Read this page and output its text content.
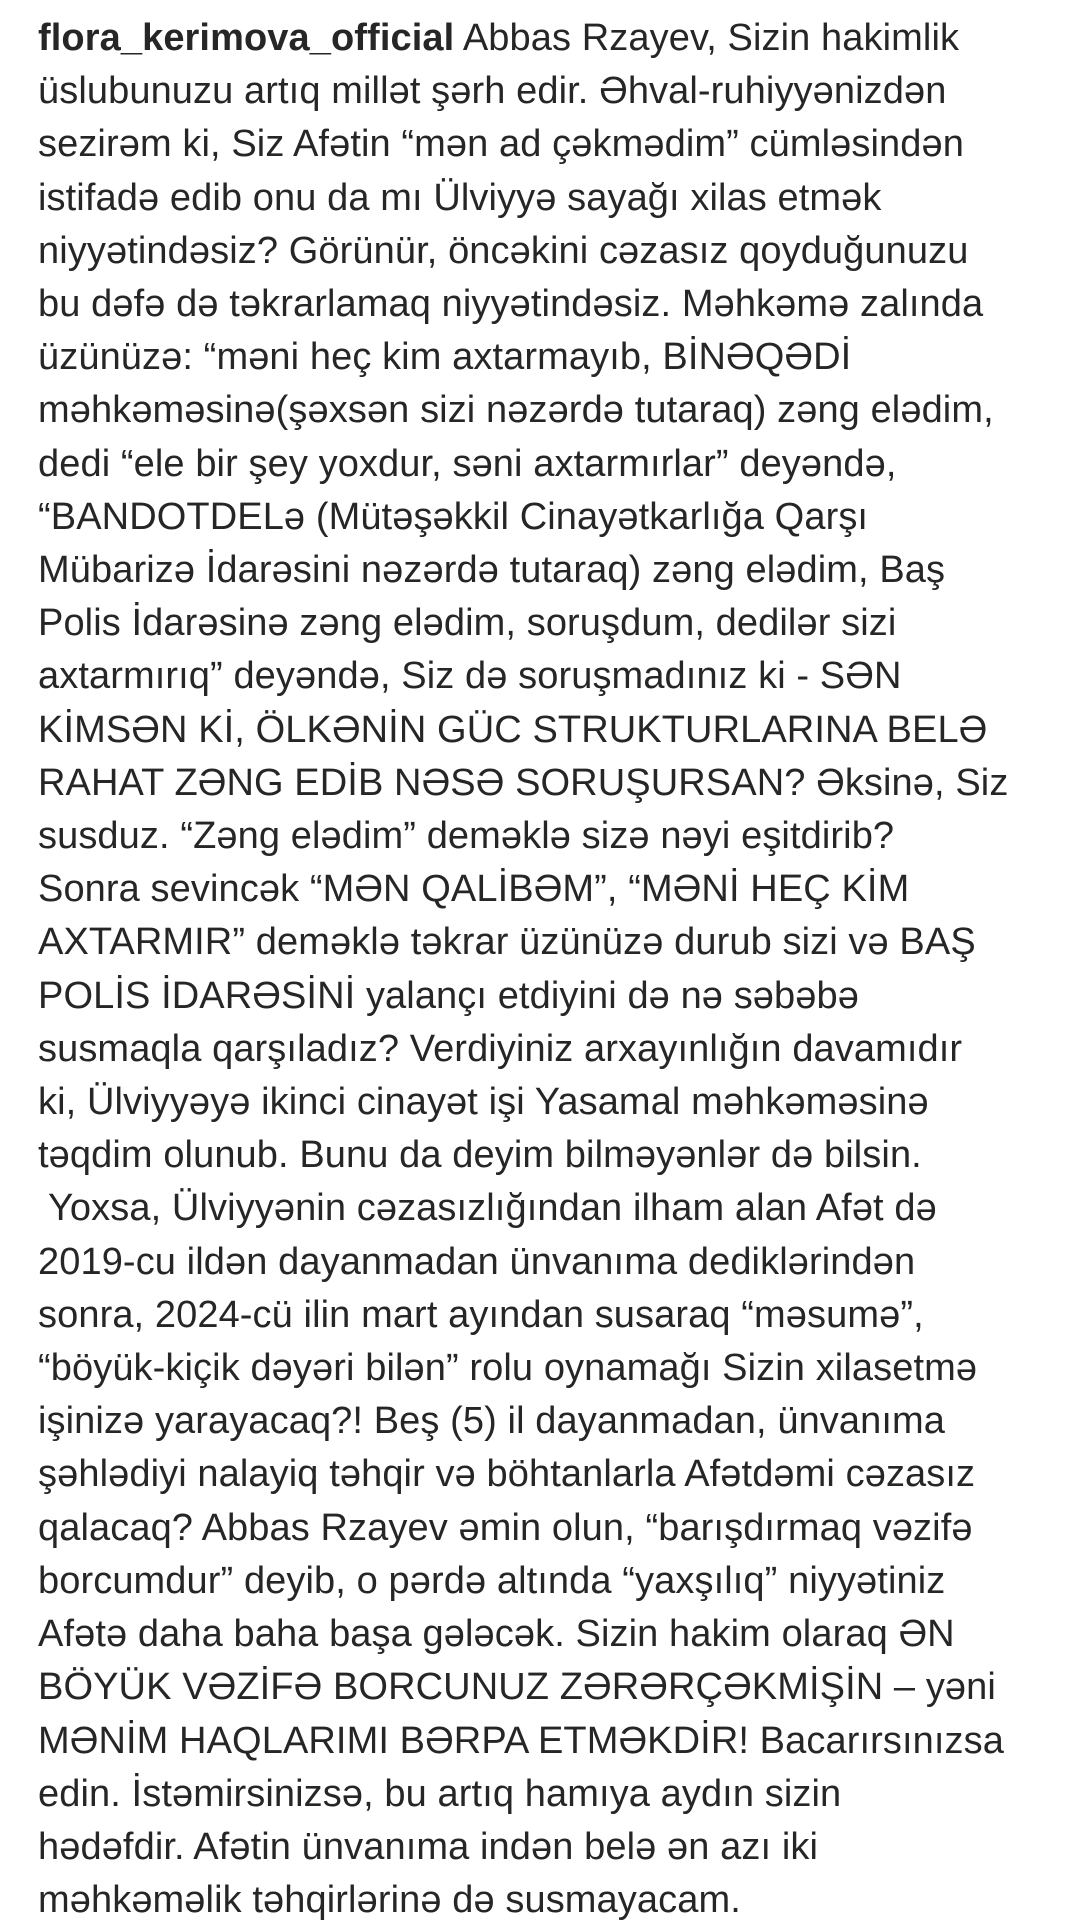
flora_kerimova_official Abbas Rzayev, Sizin hakimlik
üslubunuzu artıq millət şərh edir. Əhval-ruhiyyənizdən
sezirəm ki, Siz Afətin “mən ad çəkmədim” cümləsindən
istifadə edib onu da mı Ülviyyə sayağı xilas etmək
niyyətindəsiz? Görünür, öncəkini cəzasız qoyduğunuzu
bu dəfə də təkrarlamaq niyyətindəsiz. Məhkəmə zalında
üzünüzə: “məni heç kim axtarmayıb, BİNƏQƏDİ
məhkəməsinə(şəxsən sizi nəzərdə tutaraq) zəng elədim,
dedi “ele bir şey yoxdur, səni axtarmırlar” deyəndə,
“BANDOTDELə (Mütəşəkkil Cinayətkarlığa Qarşı
Mübarizə İdarəsini nəzərdə tutaraq) zəng elədim, Baş
Polis İdarəsinə zəng elədim, soruşdum, dedilər sizi
axtarmırıq” deyəndə, Siz də soruşmadınız ki - SƏN
KİMSƏN Kİ, ÖLKƏNİN GÜC STRUKTURLARINA BELƏ
RAHAT ZƏNG EDİB NƏSƏ SORUŞURSAN? Əksinə, Siz
susduz. “Zəng elədim” deməklə sizə nəyi eşitdirib?
Sonra sevincək “MƏN QALİBƏM”, “MƏNİ HEÇ KİM
AXTARMIR” deməklə təkrar üzünüzə durub sizi və BAŞ
POLİS İDARƏSİNİ yalançı etdiyini də nə səbəbə
susmaqla qarşıladız? Verdiyiniz arxayınlığın davamıdır
ki, Ülviyyəyə ikinci cinayət işi Yasamal məhkəməsinə
təqdim olunub. Bunu da deyim bilməyənlər də bilsin.
Yoxsa, Ülviyyənin cəzasızlığından ilham alan Afət də
2019-cu ildən dayanmadan ünvanıma dediklərindən
sonra, 2024-cü ilin mart ayından susaraq “məsumə”,
“böyük-kiçik dəyəri bilən” rolu oynamağı Sizin xilasetmə
işinizə yarayacaq?! Beş (5) il dayanmadan, ünvanıma
şəhlədiyi nalayiq təhqir və böhtanlarla Afətdəmi cəzasız
qalacaq? Abbas Rzayev əmin olun, “barışdırmaq vəzifə
borcumdur” deyib, o pərdə altında “yaxşılıq” niyyətiniz
Afətə daha baha başa gələcək. Sizin hakim olaraq ƏN
BÖYÜK VƏZİFƏ BORCUNUZ ZƏRƏRÇƏKMİŞİN – yəni
MƏNİM HAQLARIMI BƏRPA ETMƏKDİR! Bacarırsınızsa
edin. İstəmirsinizsə, bu artıq hamıya aydın sizin
hədəfdir. Afətin ünvanıma indən belə ən azı iki
məhkəməlik təhqirlərinə də susmayacam.
